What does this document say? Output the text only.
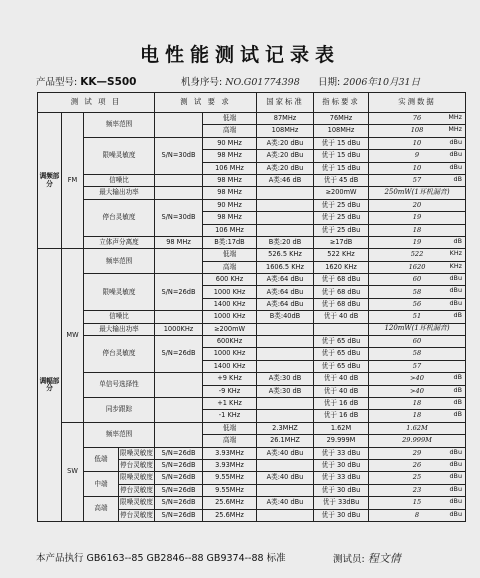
电性能测试记录表
产品型号: KK—S500	机身序号: NO.G01774398 日期: 2006年10月31日
测 试 项 目				测 试 要 求		国家标准	指标要求	实测数据
调频部分	FM	频率范围			低端	87MHz	76MHz	76 MHz

					高端	108MHz	108MHz	108 MHz

		限噪灵敏度		S/N=30dB	90 MHz	A类:20 dBu	优于 15 dBu	10 dBu

					98 MHz	A类:20 dBu	优于 15 dBu	9 dBu

					106 MHz	A类:20 dBu	优于 15 dBu	10 dBu

		信噪比			98 MHz	A类:46 dB	优于 45 dB	57 dB

		最大输出功率			98 MHz		≥200mW	250mW(1耳机漏音)
		停台灵敏度		S/N=30dB	90 MHz		优于 25 dBu	20
					98 MHz		优于 25 dBu	19
					106 MHz		优于 25 dBu	18
		立体声分离度		98 MHz	B类:17dB	B类:20 dB	≥17dB	19 dB

调幅部分	MW	频率范围			低端	526.5 KHz	522 KHz	522 KHz

					高端	1606.5 KHz	1620 KHz	1620 KHz

		限噪灵敏度		S/N=26dB	600 KHz	A类:64 dBu	优于 68 dBu	60 dBu

					1000 KHz	A类:64 dBu	优于 68 dBu	58 dBu

					1400 KHz	A类:64 dBu	优于 68 dBu	56 dBu

		信噪比			1000 KHz	B类:40dB	优于 40 dB	51 dB

		最大输出功率		1000KHz	≥200mW			120mW(1耳机漏音)
		停台灵敏度		S/N=26dB	600KHz		优于 65 dBu	60
					1000 KHz		优于 65 dBu	58
					1400 KHz		优于 65 dBu	57
		单信号选择性			+9 KHz	A类:30 dB	优于 40 dB	>40 dB

					-9 KHz	A类:30 dB	优于 40 dB	>40 dB

		同步跟踪			+1 KHz		优于 16 dB	18 dB

					-1 KHz		优于 16 dB	18 dB

	SW	频率范围			低端	2.3MHZ	1.62M	1.62M
					高端	26.1MHZ	29.999M	29.999M
		低端	限噪灵敏度	S/N=26dB	3.93MHz	A类:40 dBu	优于 33 dBu	29 dBu

			停台灵敏度	S/N=26dB	3.93MHz		优于 30 dBu	26 dBu

		中端	限噪灵敏度	S/N=26dB	9.55MHz	A类:40 dBu	优于 33 dBu	25 dBu

			停台灵敏度	S/N=26dB	9.55MHz		优于 30 dBu	23 dBu

		高端	限噪灵敏度	S/N=26dB	25.6MHz	A类:40 dBu	优于 33dBu	15 dBu

			停台灵敏度	S/N=26dB	25.6MHz		优于 30 dBu	8 dBu
本产品执行 GB6163--85 GB2846--88 GB9374--88 标准	测试员: 程文倩
